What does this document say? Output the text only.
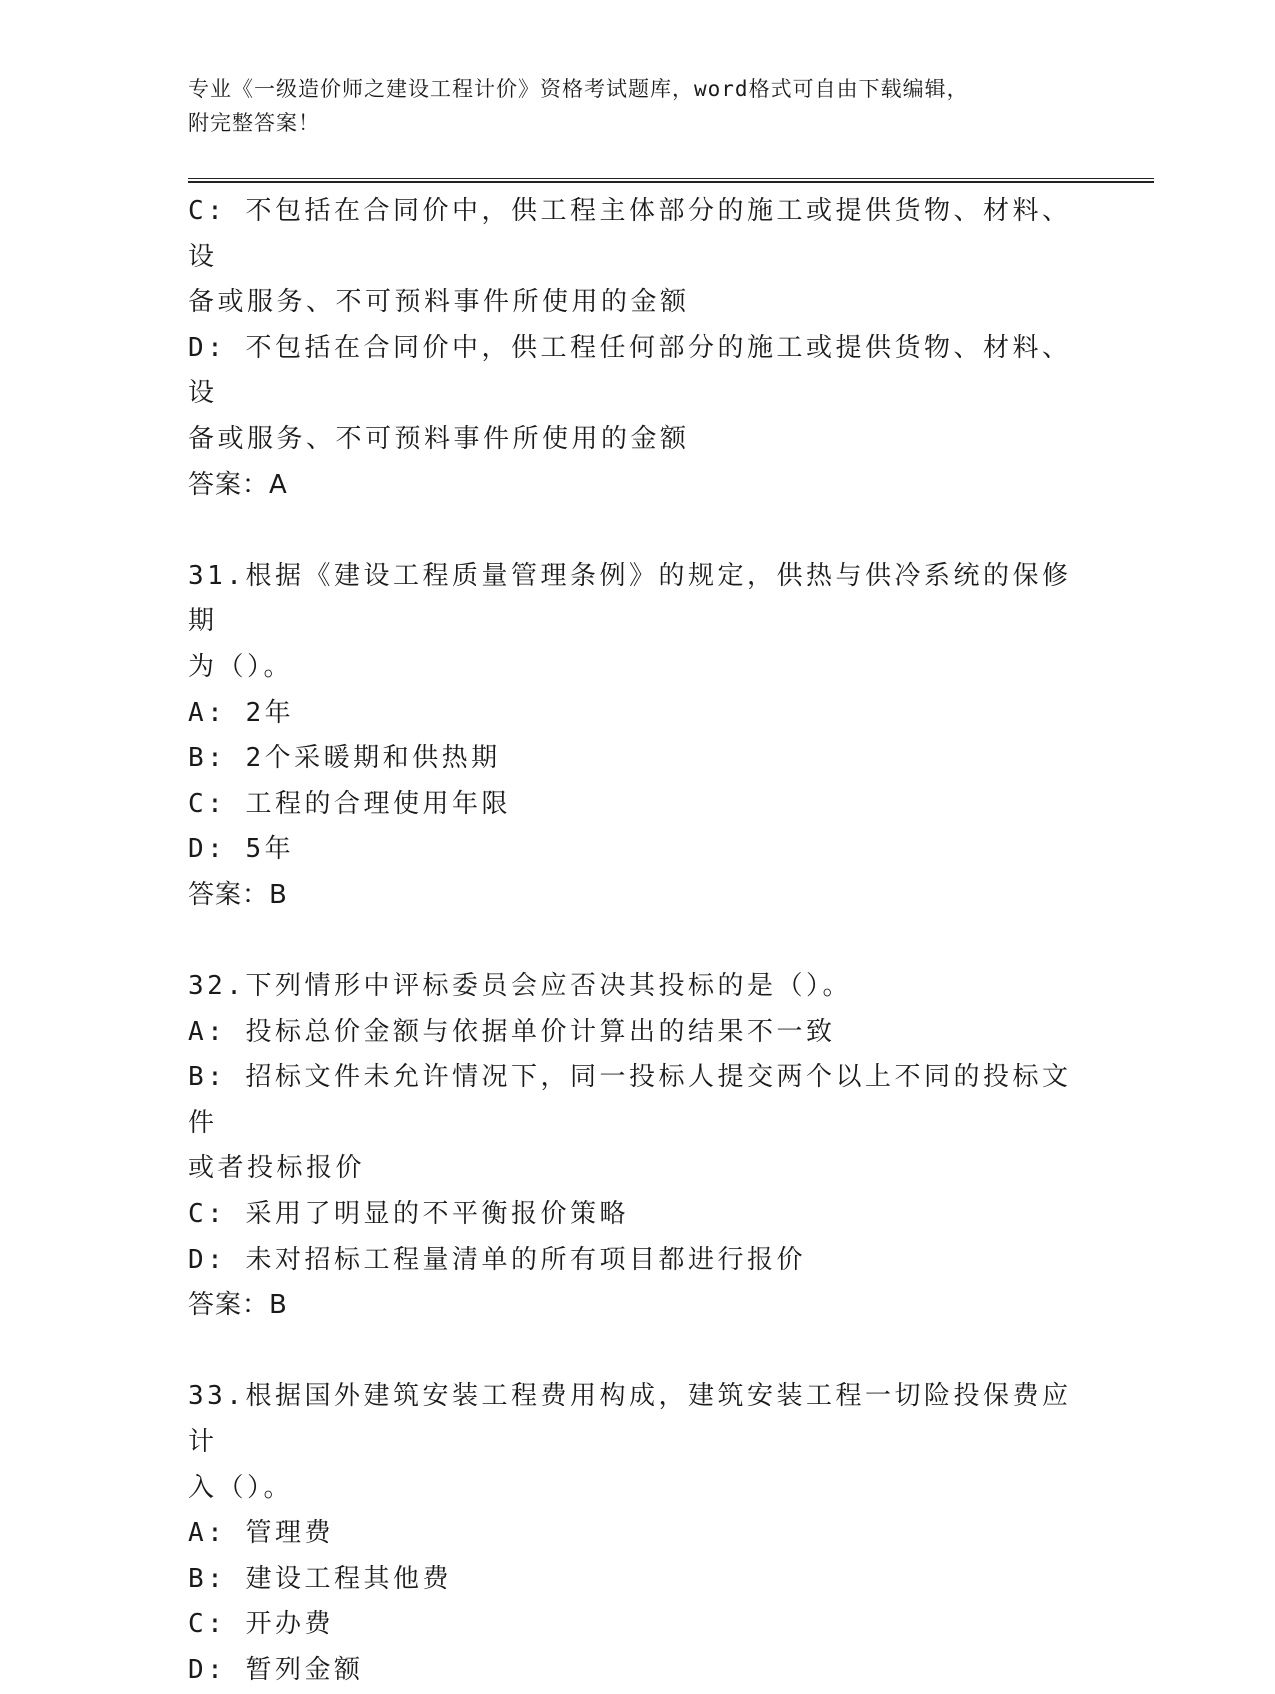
专业《一级造价师之建设工程计价》资格考试题库，word格式可自由下载编辑，
附完整答案！
C: 不包括在合同价中，供工程主体部分的施工或提供货物、材料、设
备或服务、不可预料事件所使用的金额
D: 不包括在合同价中，供工程任何部分的施工或提供货物、材料、设
备或服务、不可预料事件所使用的金额
答案：A
31.根据《建设工程质量管理条例》的规定，供热与供冷系统的保修期
为（）。
A: 2年
B: 2个采暖期和供热期
C: 工程的合理使用年限
D: 5年
答案：B
32.下列情形中评标委员会应否决其投标的是（）。
A: 投标总价金额与依据单价计算出的结果不一致
B: 招标文件未允许情况下，同一投标人提交两个以上不同的投标文件
或者投标报价
C: 采用了明显的不平衡报价策略
D: 未对招标工程量清单的所有项目都进行报价
答案：B
33.根据国外建筑安装工程费用构成，建筑安装工程一切险投保费应计
入（）。
A: 管理费
B: 建设工程其他费
C: 开办费
D: 暂列金额
